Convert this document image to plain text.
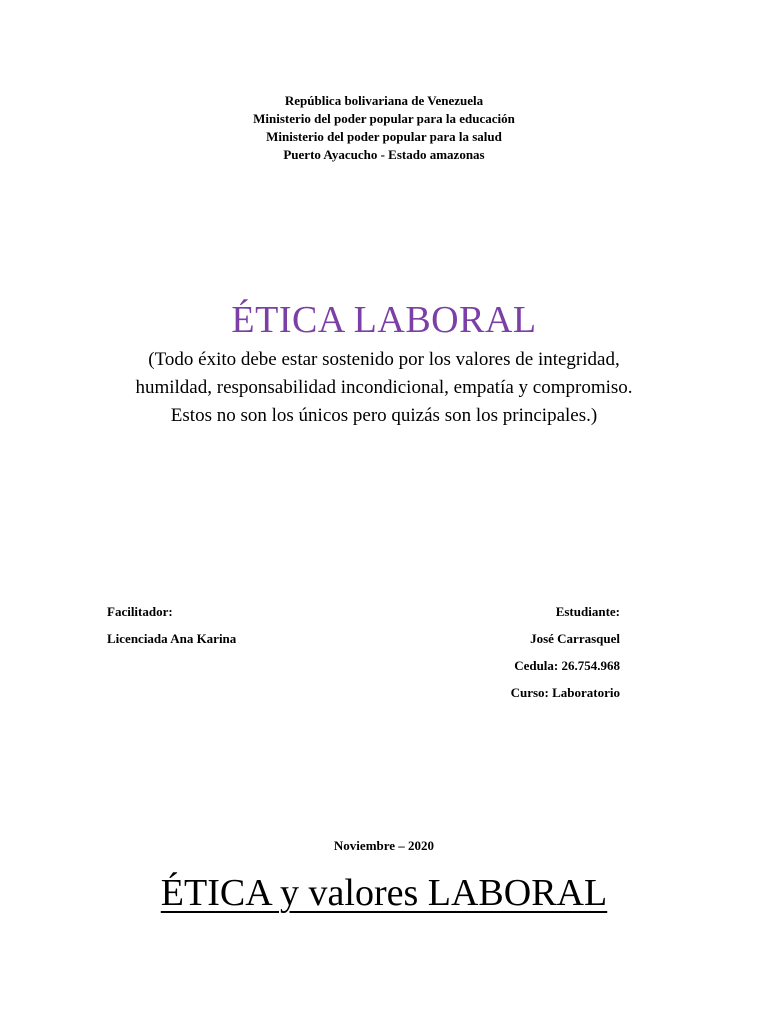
República bolivariana de Venezuela
Ministerio del poder popular para la educación
Ministerio del poder popular para la salud
Puerto Ayacucho - Estado amazonas
ÉTICA LABORAL
(Todo éxito debe estar sostenido por los valores de integridad,
humildad, responsabilidad incondicional, empatía y compromiso.
Estos no son los únicos pero quizás son los principales.)
Facilitador:
Licenciada Ana Karina
Estudiante:
José Carrasquel
Cedula: 26.754.968
Curso: Laboratorio
Noviembre – 2020
ÉTICA y valores LABORAL
